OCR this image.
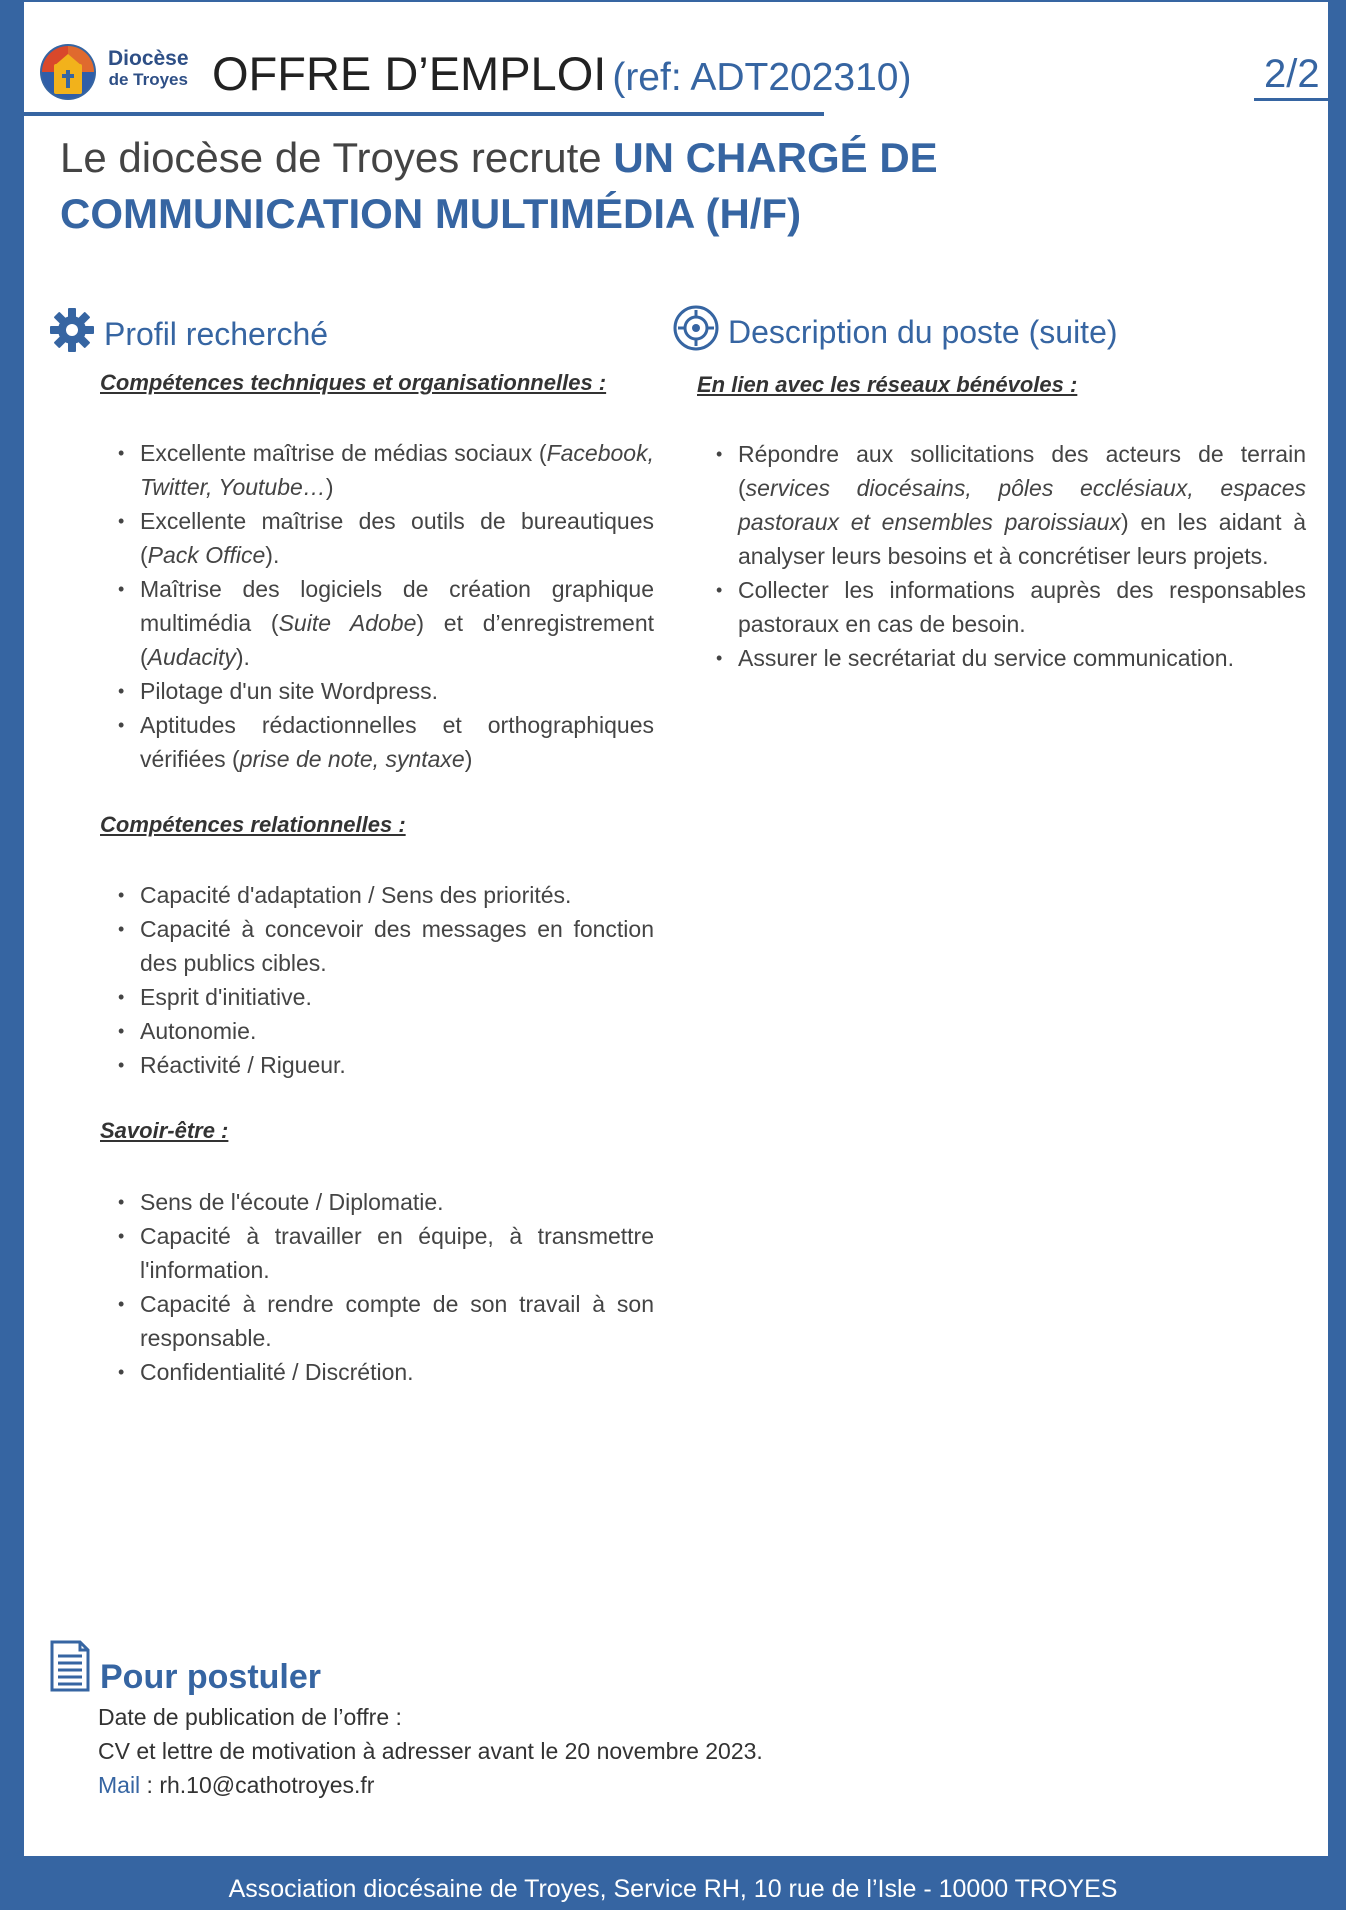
Diocèse
de Troyes OFFRE D’EMPLOI (ref: ADT202310)	2/2
Le diocèse de Troyes recrute UN CHARGÉ DE COMMUNICATION MULTIMÉDIA (H/F)
Profil recherché
Compétences techniques et organisationnelles :
• Excellente maîtrise de médias sociaux (Facebook, Twitter, Youtube…)
• Excellente maîtrise des outils de bureautiques (Pack Office).
• Maîtrise des logiciels de création graphique multimédia (Suite Adobe) et d’enregistrement (Audacity).
• Pilotage d'un site Wordpress.
• Aptitudes rédactionnelles et orthographiques vérifiées (prise de note, syntaxe)
Compétences relationnelles :
• Capacité d'adaptation / Sens des priorités.
• Capacité à concevoir des messages en fonction des publics cibles.
• Esprit d'initiative.
• Autonomie.
• Réactivité / Rigueur.
Savoir-être :
• Sens de l'écoute / Diplomatie.
• Capacité à travailler en équipe, à transmettre l'information.
• Capacité à rendre compte de son travail à son responsable.
• Confidentialité / Discrétion.
Description du poste (suite)
En lien avec les réseaux bénévoles :
• Répondre aux sollicitations des acteurs de terrain (services diocésains, pôles ecclésiaux, espaces pastoraux et ensembles paroissiaux) en les aidant à analyser leurs besoins et à concrétiser leurs projets.
• Collecter les informations auprès des responsables pastoraux en cas de besoin.
• Assurer le secrétariat du service communication.
Pour postuler
Date de publication de l’offre :
CV et lettre de motivation à adresser avant le 20 novembre 2023.
Mail : rh.10@cathotroyes.fr
Association diocésaine de Troyes, Service RH, 10 rue de l’Isle - 10000 TROYES
